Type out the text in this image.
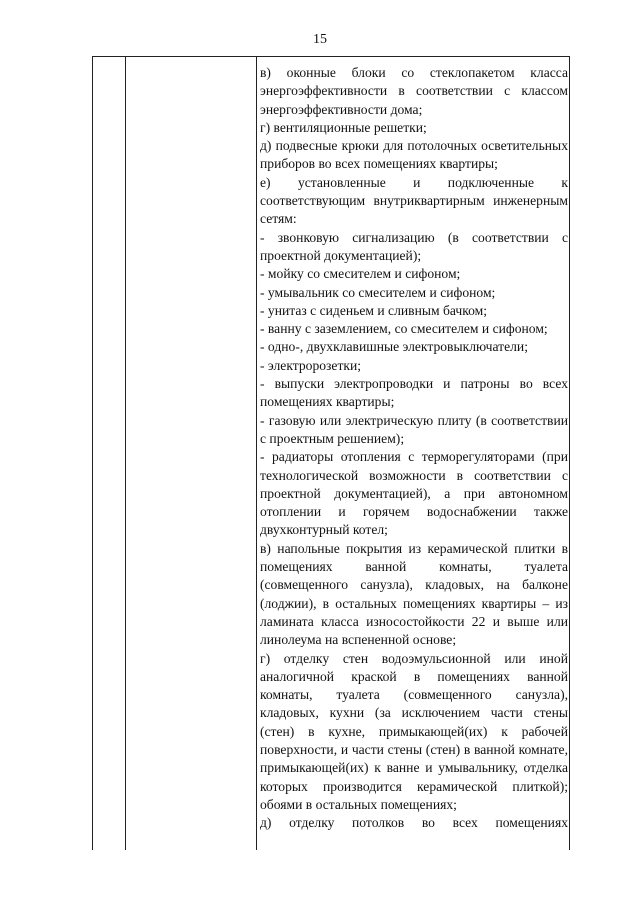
15

в) оконные блоки со стеклопакетом класса энергоэффективности в соответствии с классом энергоэффективности дома;

г) вентиляционные решетки;

д) подвесные крюки для потолочных осветительных приборов во всех помещениях квартиры;

е) установленные и подключенные к соответствующим внутриквартирным инженерным сетям:

- звонковую сигнализацию (в соответствии с проектной документацией);

- мойку со смесителем и сифоном;

- умывальник со смесителем и сифоном;

- унитаз с сиденьем и сливным бачком;

- ванну с заземлением, со смесителем и сифоном;

- одно-, двухклавишные электровыключатели;

- электророзетки;

- выпуски электропроводки и патроны во всех помещениях квартиры;

- газовую или электрическую плиту (в соответствии с проектным решением);

- радиаторы отопления с терморегуляторами (при технологической возможности в соответствии с проектной документацией), а при автономном отоплении и горячем водоснабжении также двухконтурный котел;

в) напольные покрытия из керамической плитки в помещениях ванной комнаты, туалета (совмещенного санузла), кладовых, на балконе (лоджии), в остальных помещениях квартиры – из ламината класса износостойкости 22 и выше или линолеума на вспененной основе;

г) отделку стен водоэмульсионной или иной аналогичной краской в помещениях ванной комнаты, туалета (совмещенного санузла), кладовых, кухни (за исключением части стены (стен) в кухне, примыкающей(их) к рабочей поверхности, и части стены (стен) в ванной комнате, примыкающей(их) к ванне и умывальнику, отделка которых производится керамической плиткой); обоями в остальных помещениях;

д) отделку потолков во всех помещениях
